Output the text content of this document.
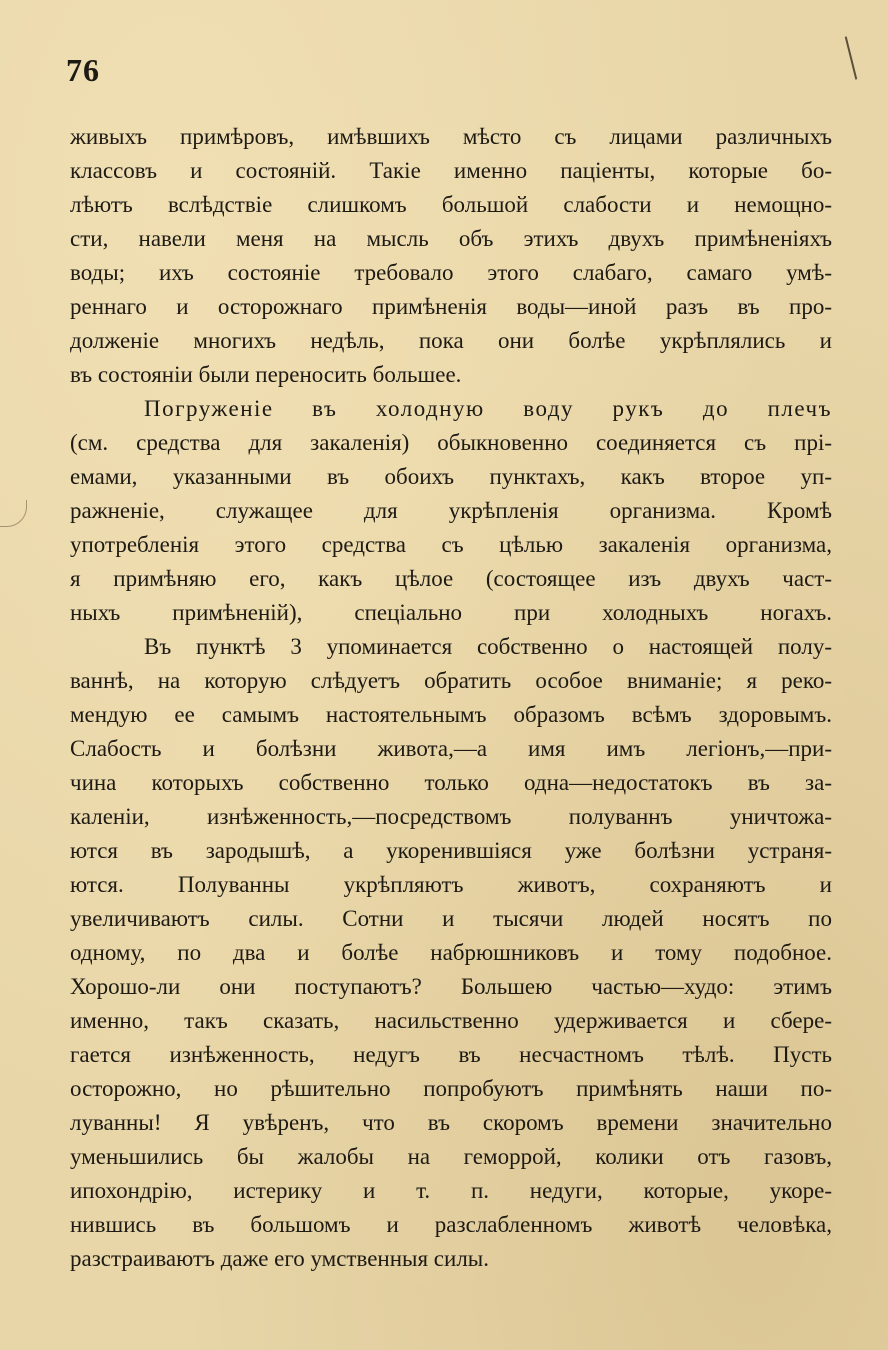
76
живыхъ примѣровъ, имѣвшихъ мѣсто съ лицами различныхъ
классовъ и состояній. Такіе именно паціенты, которые бо-
лѣютъ вслѣдствіе слишкомъ большой слабости и немощно-
сти, навели меня на мысль объ этихъ двухъ примѣненіяхъ
воды; ихъ состояніе требовало этого слабаго, самаго умѣ-
реннаго и осторожнаго примѣненія воды—иной разъ въ про-
долженіе многихъ недѣль, пока они болѣе укрѣплялись и
въ состояніи были переносить большее.
Погруженіе въ холодную воду рукъ до плечъ
(см. средства для закаленія) обыкновенно соединяется съ прі-
емами, указанными въ обоихъ пунктахъ, какъ второе уп-
ражненіе, служащее для укрѣпленія организма. Кромѣ
употребленія этого средства съ цѣлью закаленія организма,
я примѣняю его, какъ цѣлое (состоящее изъ двухъ част-
ныхъ примѣненій), спеціально при холодныхъ ногахъ.
Въ пунктѣ 3 упоминается собственно о настоящей полу-
ваннѣ, на которую слѣдуетъ обратить особое вниманіе; я реко-
мендую ее самымъ настоятельнымъ образомъ всѣмъ здоровымъ.
Слабость и болѣзни живота,—а имя имъ легіонъ,—при-
чина которыхъ собственно только одна—недостатокъ въ за-
каленіи, изнѣженность,—посредствомъ полуваннъ уничтожа-
ются въ зародышѣ, а укоренившіяся уже болѣзни устраня-
ются. Полуванны укрѣпляютъ животъ, сохраняютъ и
увеличиваютъ силы. Сотни и тысячи людей носятъ по
одному, по два и болѣе набрюшниковъ и тому подобное.
Хорошо-ли они поступаютъ? Большею частью—худо: этимъ
именно, такъ сказать, насильственно удерживается и сбере-
гается изнѣженность, недугъ въ несчастномъ тѣлѣ. Пусть
осторожно, но рѣшительно попробуютъ примѣнять наши по-
луванны! Я увѣренъ, что въ скоромъ времени значительно
уменьшились бы жалобы на геморрой, колики отъ газовъ,
ипохондрію, истерику и т. п. недуги, которые, укоре-
нившись въ большомъ и разслабленномъ животѣ человѣка,
разстраиваютъ даже его умственныя силы.
